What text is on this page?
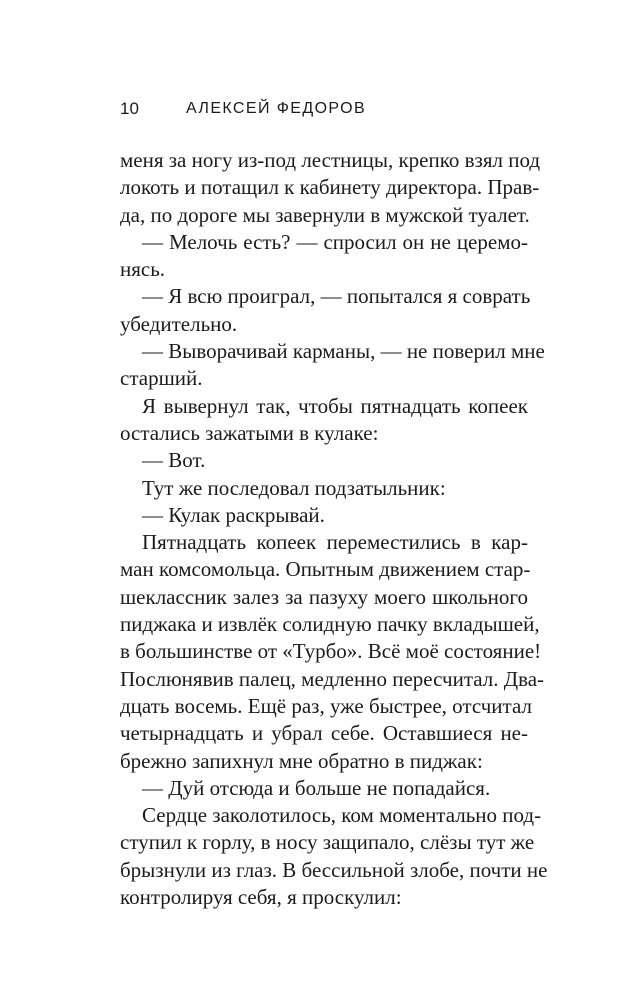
10	АЛЕКСЕЙ ФЕДОРОВ
меня за ногу из-под лестницы, крепко взял под
локоть и потащил к кабинету директора. Прав-
да, по дороге мы завернули в мужской туалет.
— Мелочь есть? — спросил он не церемо-
нясь.
— Я всю проиграл, — попытался я соврать
убедительно.
— Выворачивай карманы, — не поверил мне
старший.
Я вывернул так, чтобы пятнадцать копеек
остались зажатыми в кулаке:
— Вот.
Тут же последовал подзатыльник:
— Кулак раскрывай.
Пятнадцать копеек переместились в кар-
ман комсомольца. Опытным движением стар-
шеклассник залез за пазуху моего школьного
пиджака и извлёк солидную пачку вкладышей,
в большинстве от «Турбо». Всё моё состояние!
Послюнявив палец, медленно пересчитал. Два-
дцать восемь. Ещё раз, уже быстрее, отсчитал
четырнадцать и убрал себе. Оставшиеся не-
брежно запихнул мне обратно в пиджак:
— Дуй отсюда и больше не попадайся.
Сердце заколотилось, ком моментально под-
ступил к горлу, в носу защипало, слёзы тут же
брызнули из глаз. В бессильной злобе, почти не
контролируя себя, я проскулил:
